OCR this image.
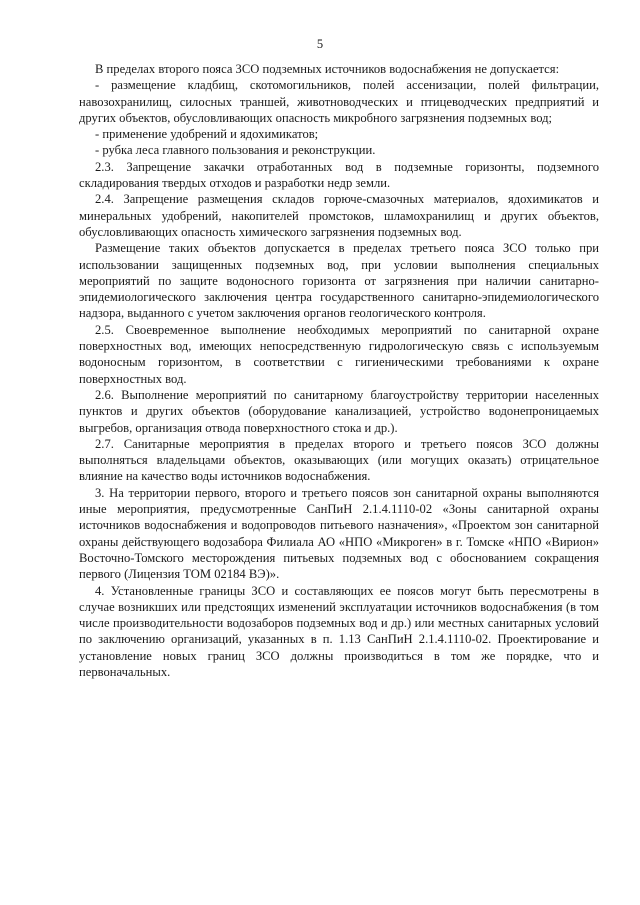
5

В пределах второго пояса ЗСО подземных источников водоснабжения не допускается:

- размещение кладбищ, скотомогильников, полей ассенизации, полей фильтрации, навозохранилищ, силосных траншей, животноводческих и птицеводческих предприятий и других объектов, обусловливающих опасность микробного загрязнения подземных вод;

- применение удобрений и ядохимикатов;

- рубка леса главного пользования и реконструкции.

2.3. Запрещение закачки отработанных вод в подземные горизонты, подземного складирования твердых отходов и разработки недр земли.

2.4. Запрещение размещения складов горюче-смазочных материалов, ядохимикатов и минеральных удобрений, накопителей промстоков, шламохранилищ и других объектов, обусловливающих опасность химического загрязнения подземных вод.

Размещение таких объектов допускается в пределах третьего пояса ЗСО только при использовании защищенных подземных вод, при условии выполнения специальных мероприятий по защите водоносного горизонта от загрязнения при наличии санитарно-эпидемиологического заключения центра государственного санитарно-эпидемиологического надзора, выданного с учетом заключения органов геологического контроля.

2.5. Своевременное выполнение необходимых мероприятий по санитарной охране поверхностных вод, имеющих непосредственную гидрологическую связь с используемым водоносным горизонтом, в соответствии с гигиеническими требованиями к охране поверхностных вод.

2.6. Выполнение мероприятий по санитарному благоустройству территории населенных пунктов и других объектов (оборудование канализацией, устройство водонепроницаемых выгребов, организация отвода поверхностного стока и др.).

2.7. Санитарные мероприятия в пределах второго и третьего поясов ЗСО должны выполняться владельцами объектов, оказывающих (или могущих оказать) отрицательное влияние на качество воды источников водоснабжения.

3. На территории первого, второго и третьего поясов зон санитарной охраны выполняются иные мероприятия, предусмотренные СанПиН 2.1.4.1110-02 «Зоны санитарной охраны источников водоснабжения и водопроводов питьевого назначения», «Проектом зон санитарной охраны действующего водозабора Филиала АО «НПО «Микроген» в г. Томске «НПО «Вирион» Восточно-Томского месторождения питьевых подземных вод с обоснованием сокращения первого (Лицензия ТОМ 02184 ВЭ)».

4. Установленные границы ЗСО и составляющих ее поясов могут быть пересмотрены в случае возникших или предстоящих изменений эксплуатации источников водоснабжения (в том числе производительности водозаборов подземных вод и др.) или местных санитарных условий по заключению организаций, указанных в п. 1.13 СанПиН 2.1.4.1110-02. Проектирование и установление новых границ ЗСО должны производиться в том же порядке, что и первоначальных.
